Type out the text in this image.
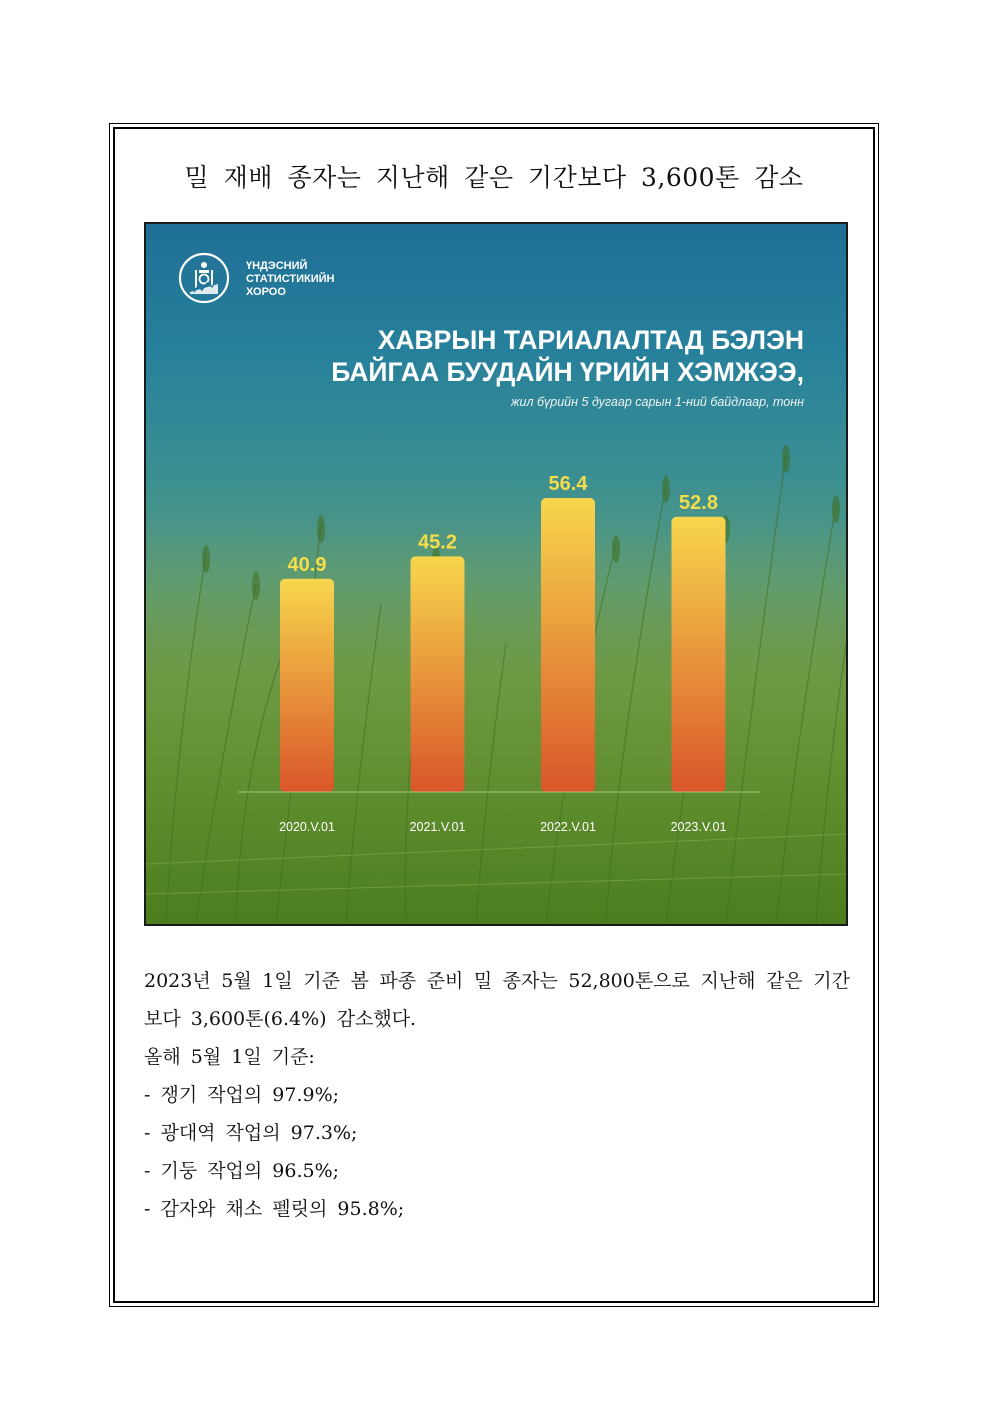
밀 재배 종자는 지난해 같은 기간보다 3,600톤 감소
ҮНДЭСНИЙ
СТАТИСТИКИЙН
ХОРОО
ХАВРЫН ТАРИАЛАЛТАД БЭЛЭН
БАЙГАА БУУДАЙН ҮРИЙН ХЭМЖЭЭ,
жил бүрийн 5 дугаар сарын 1-ний байдлаар, тонн
40.9
2020.V.01
45.2
2021.V.01
56.4
2022.V.01
52.8
2023.V.01
2023년 5월 1일 기준 봄 파종 준비 밀 종자는 52,800톤으로 지난해 같은 기간보다 3,600톤(6.4%) 감소했다.
올해 5월 1일 기준:
- 쟁기 작업의 97.9%;
- 광대역 작업의 97.3%;
- 기둥 작업의 96.5%;
- 감자와 채소 펠릿의 95.8%;
